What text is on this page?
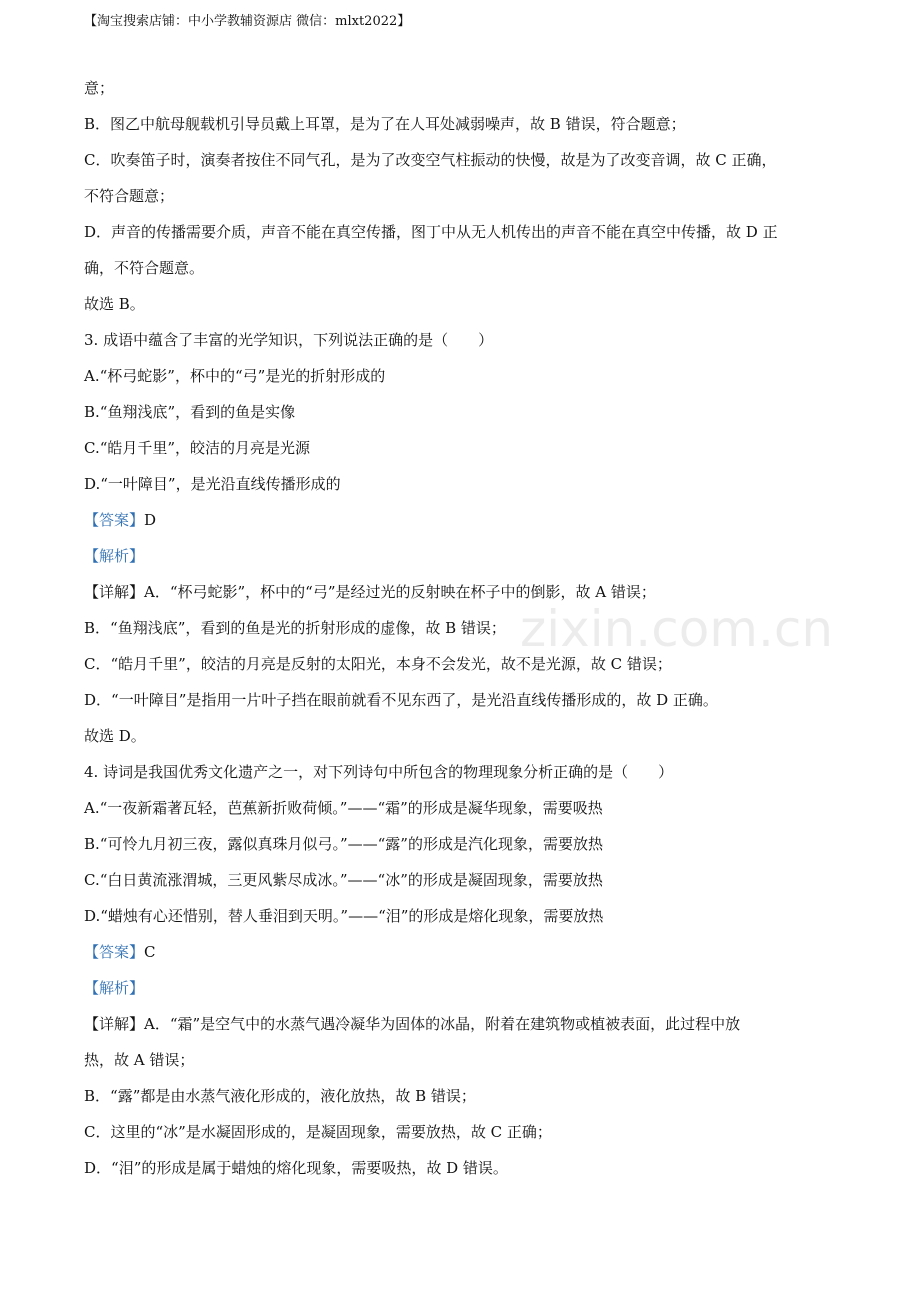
【淘宝搜索店铺：中小学教辅资源店 微信：mlxt2022】
意；
B．图乙中航母舰载机引导员戴上耳罩，是为了在人耳处减弱噪声，故 B 错误，符合题意；
C．吹奏笛子时，演奏者按住不同气孔，是为了改变空气柱振动的快慢，故是为了改变音调，故 C 正确，
不符合题意；
D．声音的传播需要介质，声音不能在真空传播，图丁中从无人机传出的声音不能在真空中传播，故 D 正
确，不符合题意。
故选 B。
3. 成语中蕴含了丰富的光学知识，下列说法正确的是（　　）
A.“杯弓蛇影”，杯中的“弓”是光的折射形成的
B.“鱼翔浅底”，看到的鱼是实像
C.“皓月千里”，皎洁的月亮是光源
D.“一叶障目”，是光沿直线传播形成的
【答案】D
【解析】
【详解】A．“杯弓蛇影”，杯中的“弓”是经过光的反射映在杯子中的倒影，故 A 错误；
B．“鱼翔浅底”，看到的鱼是光的折射形成的虚像，故 B 错误；
C．“皓月千里”，皎洁的月亮是反射的太阳光，本身不会发光，故不是光源，故 C 错误；
D．“一叶障目”是指用一片叶子挡在眼前就看不见东西了，是光沿直线传播形成的，故 D 正确。
故选 D。
4. 诗词是我国优秀文化遗产之一，对下列诗句中所包含的物理现象分析正确的是（　　）
A.“一夜新霜著瓦轻，芭蕉新折败荷倾。”——“霜”的形成是凝华现象，需要吸热
B.“可怜九月初三夜，露似真珠月似弓。”——“露”的形成是汽化现象，需要放热
C.“白日黄流涨渭城，三更风紫尽成冰。”——“冰”的形成是凝固现象，需要放热
D.“蜡烛有心还惜别，替人垂泪到天明。”——“泪”的形成是熔化现象，需要放热
【答案】C
【解析】
【详解】A．“霜”是空气中的水蒸气遇冷凝华为固体的冰晶，附着在建筑物或植被表面，此过程中放
热，故 A 错误；
B．“露”都是由水蒸气液化形成的，液化放热，故 B 错误；
C．这里的“冰”是水凝固形成的，是凝固现象，需要放热，故 C 正确；
D．“泪”的形成是属于蜡烛的熔化现象，需要吸热，故 D 错误。
zixin.com.cn
